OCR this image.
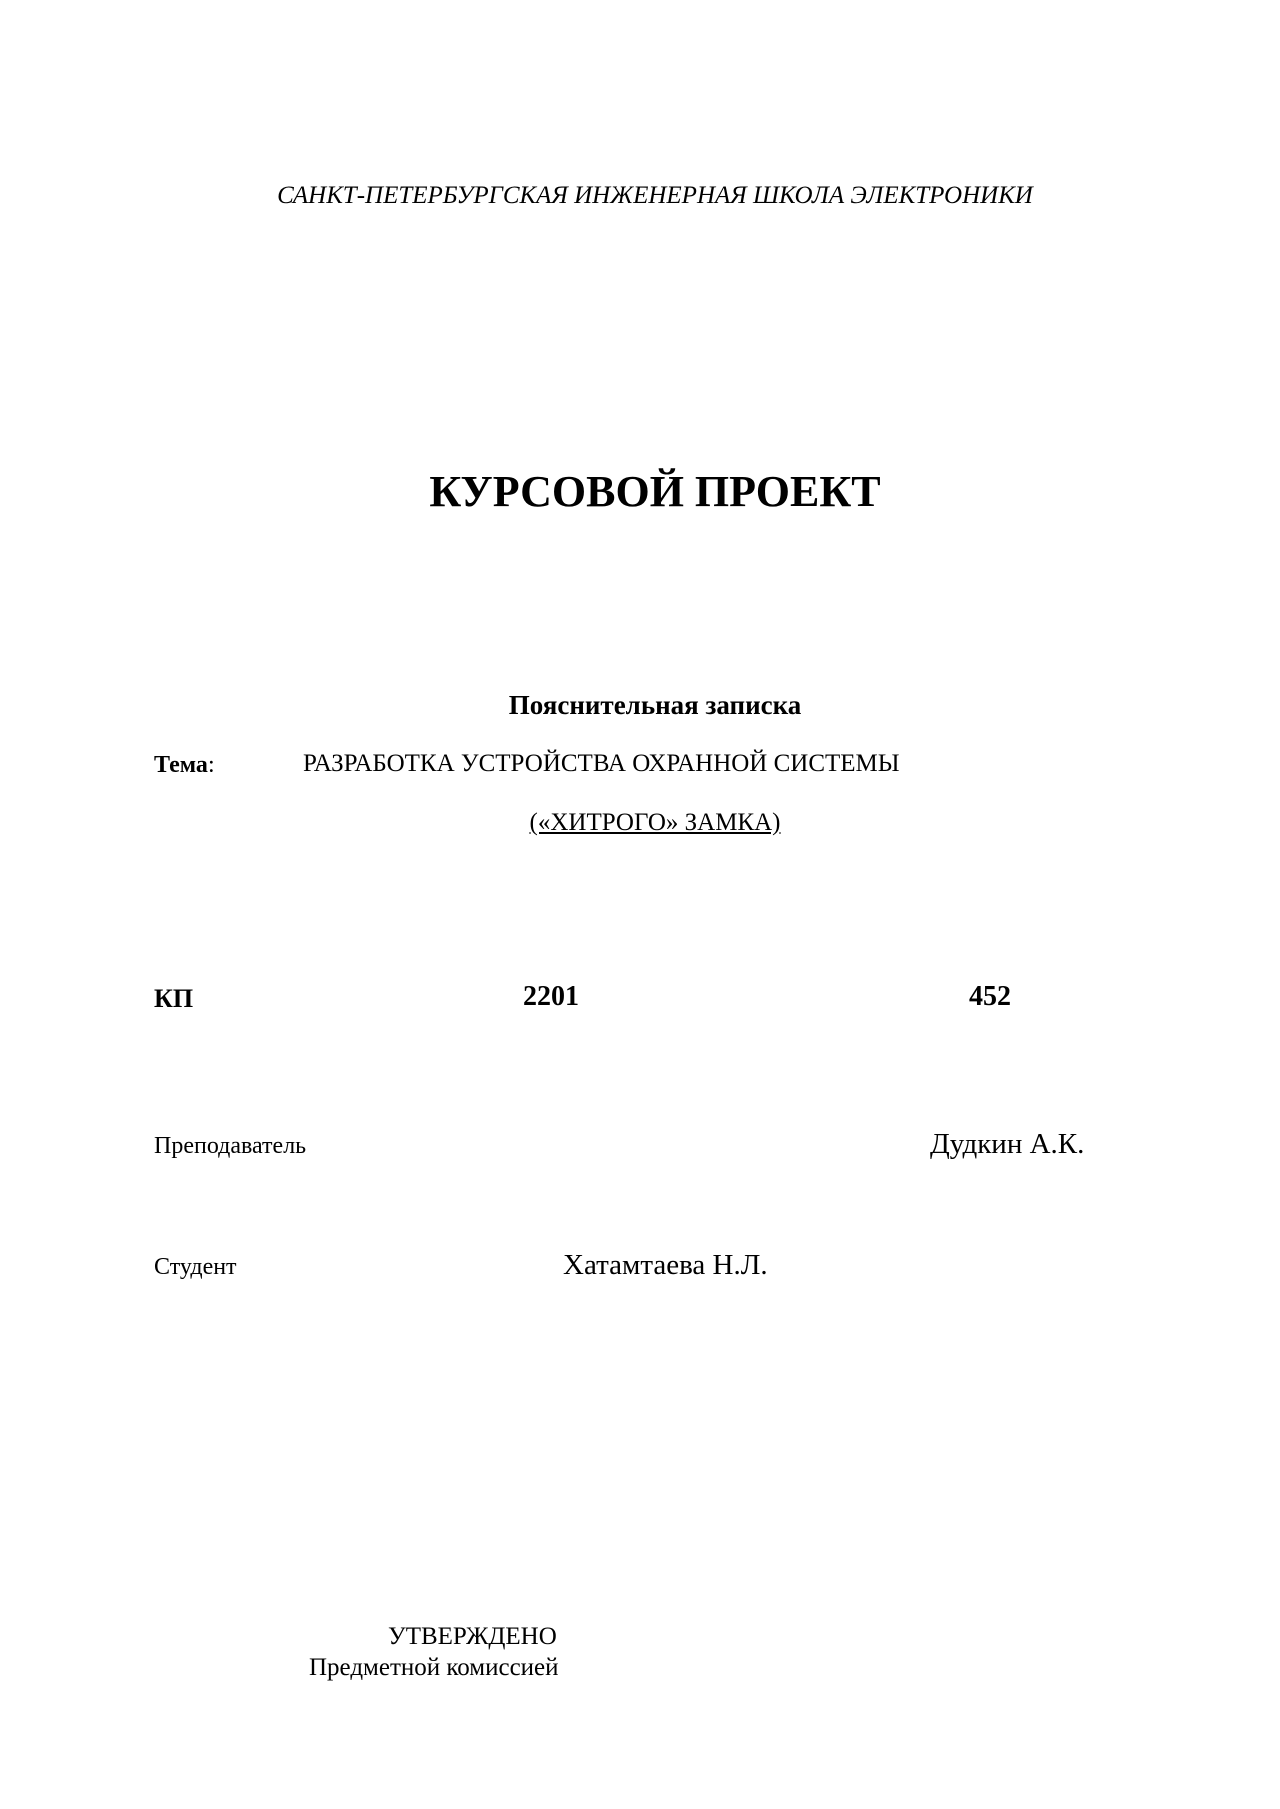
САНКТ-ПЕТЕРБУРГСКАЯ ИНЖЕНЕРНАЯ ШКОЛА ЭЛЕКТРОНИКИ
КУРСОВОЙ ПРОЕКТ
Пояснительная записка
Тема:	РАЗРАБОТКА УСТРОЙСТВА ОХРАННОЙ СИСТЕМЫ
(«ХИТРОГО» ЗАМКА)
КП	2201	452
Преподаватель	Дудкин А.К.
Студент	Хатамтаева Н.Л.
УТВЕРЖДЕНО
Предметной комиссией
